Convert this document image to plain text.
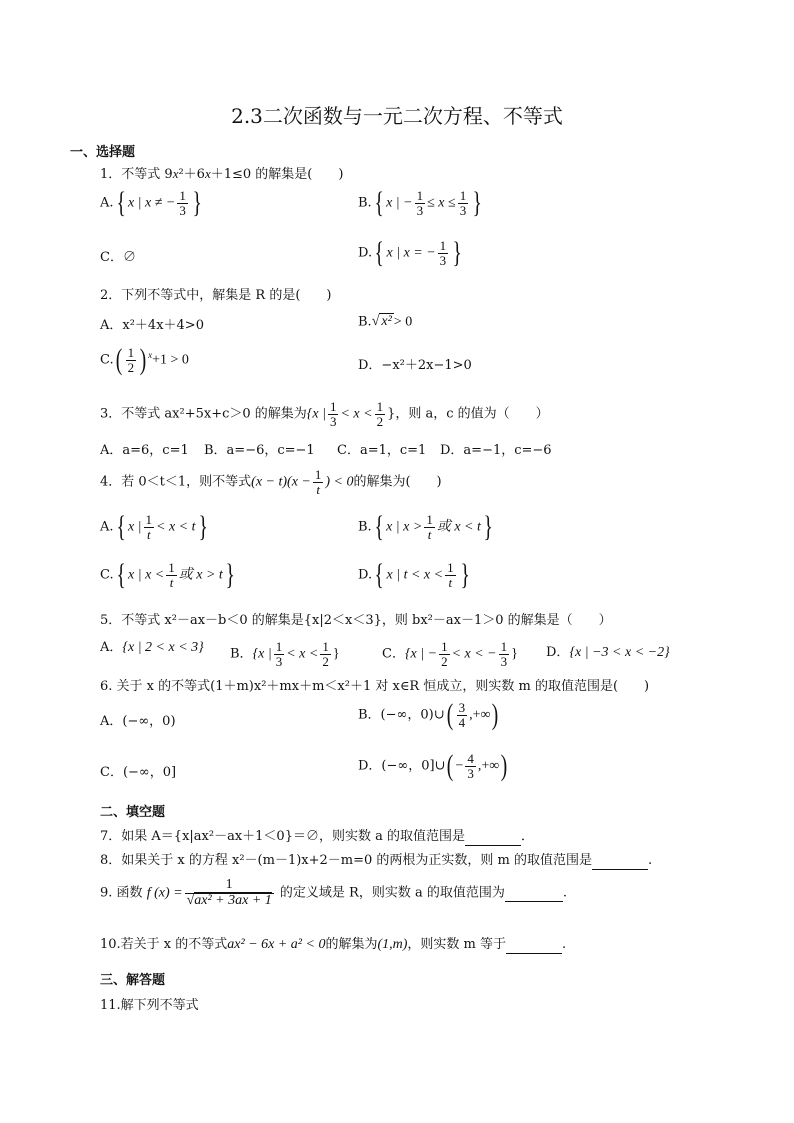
2.3二次函数与一元二次方程、不等式
一、选择题
1．不等式 9x²＋6x＋1≤0 的解集是(　　)
A.{ x | x ≠ − $\frac{1}{3}$ }	B.{ x | − $\frac{1}{3} \le x \le \frac{1}{3}$ }
C．∅	D.{ x | x = − $\frac{1}{3}$ }
2．下列不等式中，解集是 R 的是(　　)
A．x²＋4x＋4>0	B.√ x² > 0
$C.( \frac{1}{2}$ ) $^x$+1 > 0	D．−x²＋2x−1>0
3．不等式 ax²+5x+c＞0 的解集为{x | $\frac{1}{3} < x < \frac{1}{2}$ }，则 a，c 的值为（　　）
A．a=6，c=1 B．a=−6，c=−1 C．a=1，c=1 D．a=−1，c=−6
4．若 0＜t＜1，则不等式$(x - t)(x - \frac{1}{t}$ ) < 0的解集为(　　)
A.{ x | $\frac{1}{t} < x < t$}	B.{ x | $x > \frac{1}{t}$ 或 x < t}
C.{ x | $x < \frac{1}{t}$ 或 x > t}	D.{ x | $t < x < \frac{1}{t}$ }
5．不等式 x²－ax－b＜0 的解集是{x|2＜x＜3}，则 bx²－ax－1＞0 的解集是（　　）
A．{x | 2 < x < 3} B．{x | $\frac{1}{3} < x < \frac{1}{2}$ }	C．{x | − $\frac{1}{2} < x$ < − $\frac{1}{3}$ } D．{x | −3 < x < −2}
6. 关于 x 的不等式(1＋m)x²＋mx＋m＜x²＋1 对 x∈R 恒成立，则实数 m 的取值范围是(　　)
A．(−∞，0)	B．(−∞，0)∪( $\frac{3}{4}$ ,+∞)
C．(−∞，0]	D．(−∞，0]∪( − $\frac{4}{3}$ ,+∞)
二、填空题
7．如果 A＝{x|ax²－ax＋1＜0}＝∅，则实数 a 的取值范围是	．
8．如果关于 x 的方程 x²－(m－1)x+2－m=0 的两根为正实数，则 m 的取值范围是	.
9. 函数 f $(x) = \frac{1}{\text{√ax² + 3ax + 1}}$ 的定义域是 R，则实数 a 的取值范围为	.
10.若关于 x 的不等式ax² − 6x + a² < 0的解集为(1,m)，则实数 m 等于	.
三、解答题
11.解下列不等式
